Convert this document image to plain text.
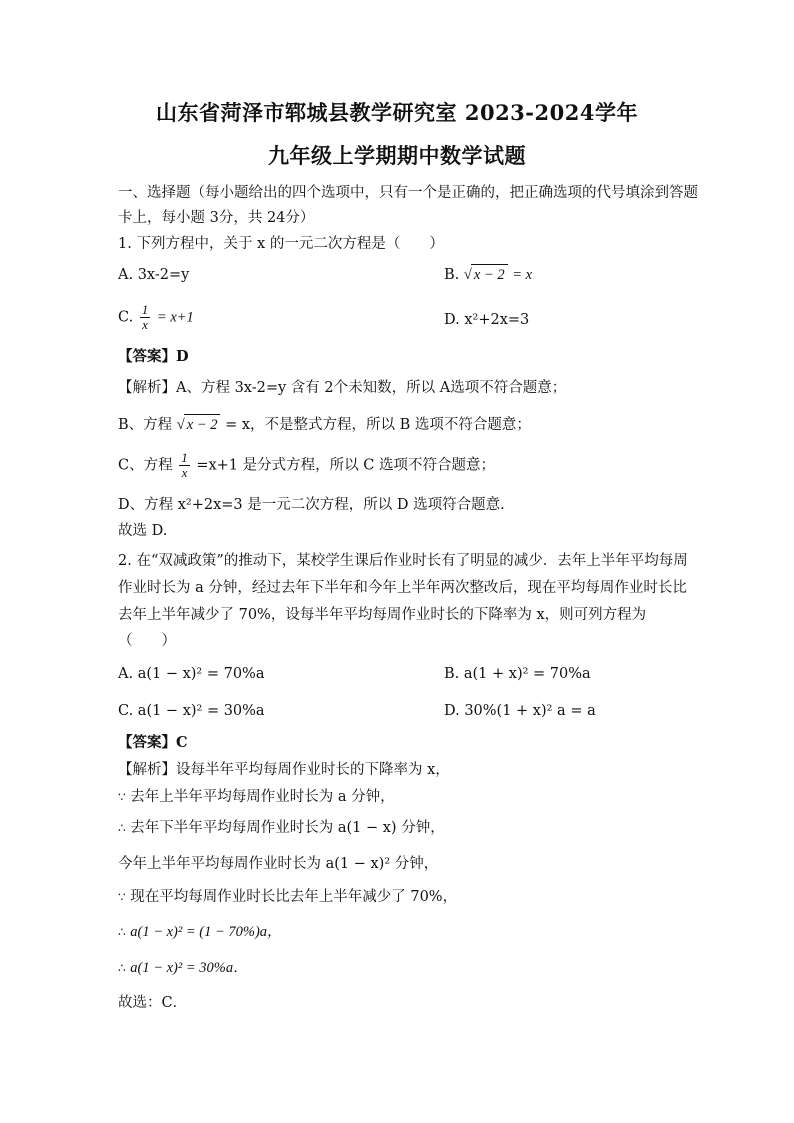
山东省菏泽市郓城县教学研究室 2023-2024学年
九年级上学期期中数学试题
一、选择题（每小题给出的四个选项中，只有一个是正确的，把正确选项的代号填涂到答题
卡上，每小题 3分，共 24分）
1. 下列方程中，关于 x 的一元二次方程是（　　）
A. 3x-2=y	B. √ x − 2 = x
C. $\frac{1}{x} = x+1$	D. x²+2x=3
【答案】D
【解析】A、方程 3x-2=y 含有 2个未知数，所以 A选项不符合题意；
B、方程 √ x − 2 = x，不是整式方程，所以 B 选项不符合题意；
C、方程 $\frac{1}{x} =x+1$ 是分式方程，所以 C 选项不符合题意；
D、方程 x²+2x=3 是一元二次方程，所以 D 选项符合题意.
故选 D.
2. 在“双减政策”的推动下，某校学生课后作业时长有了明显的减少．去年上半年平均每周
作业时长为 a 分钟，经过去年下半年和今年上半年两次整改后，现在平均每周作业时长比
去年上半年减少了 70%，设每半年平均每周作业时长的下降率为 x，则可列方程为
（　　）
A. a(1 − x)² = 70%a	B. a(1 + x)² = 70%a
C. a(1 − x)² = 30%a	D. 30%(1 + x)² a = a
【答案】C
【解析】设每半年平均每周作业时长的下降率为 x，
∵ 去年上半年平均每周作业时长为 a 分钟，
∴ 去年下半年平均每周作业时长为 a(1 − x) 分钟，
今年上半年平均每周作业时长为 a(1 − x)² 分钟，
∵ 现在平均每周作业时长比去年上半年减少了 70%，
∴ a(1 − x)² = (1 − 70%)a，
∴ a(1 − x)² = 30%a．
故选：C．
